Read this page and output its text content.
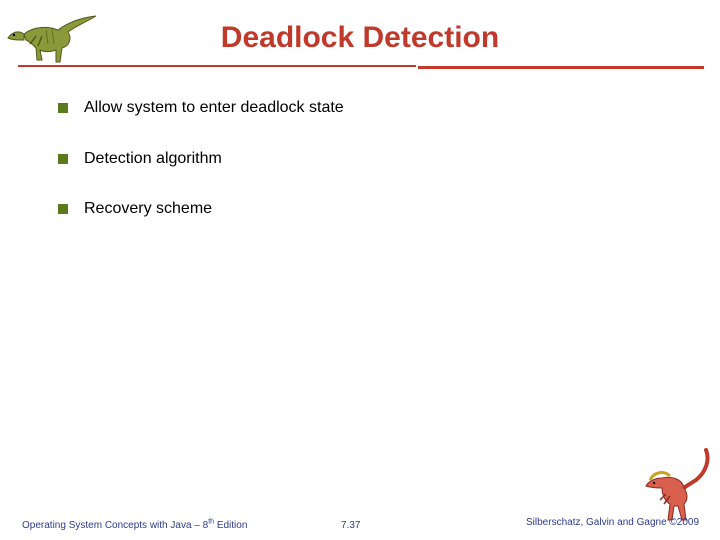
Deadlock Detection
Allow system to enter deadlock state
Detection algorithm
Recovery scheme
Operating System Concepts with Java – 8th Edition	7.37	Silberschatz, Galvin and Gagne ©2009
